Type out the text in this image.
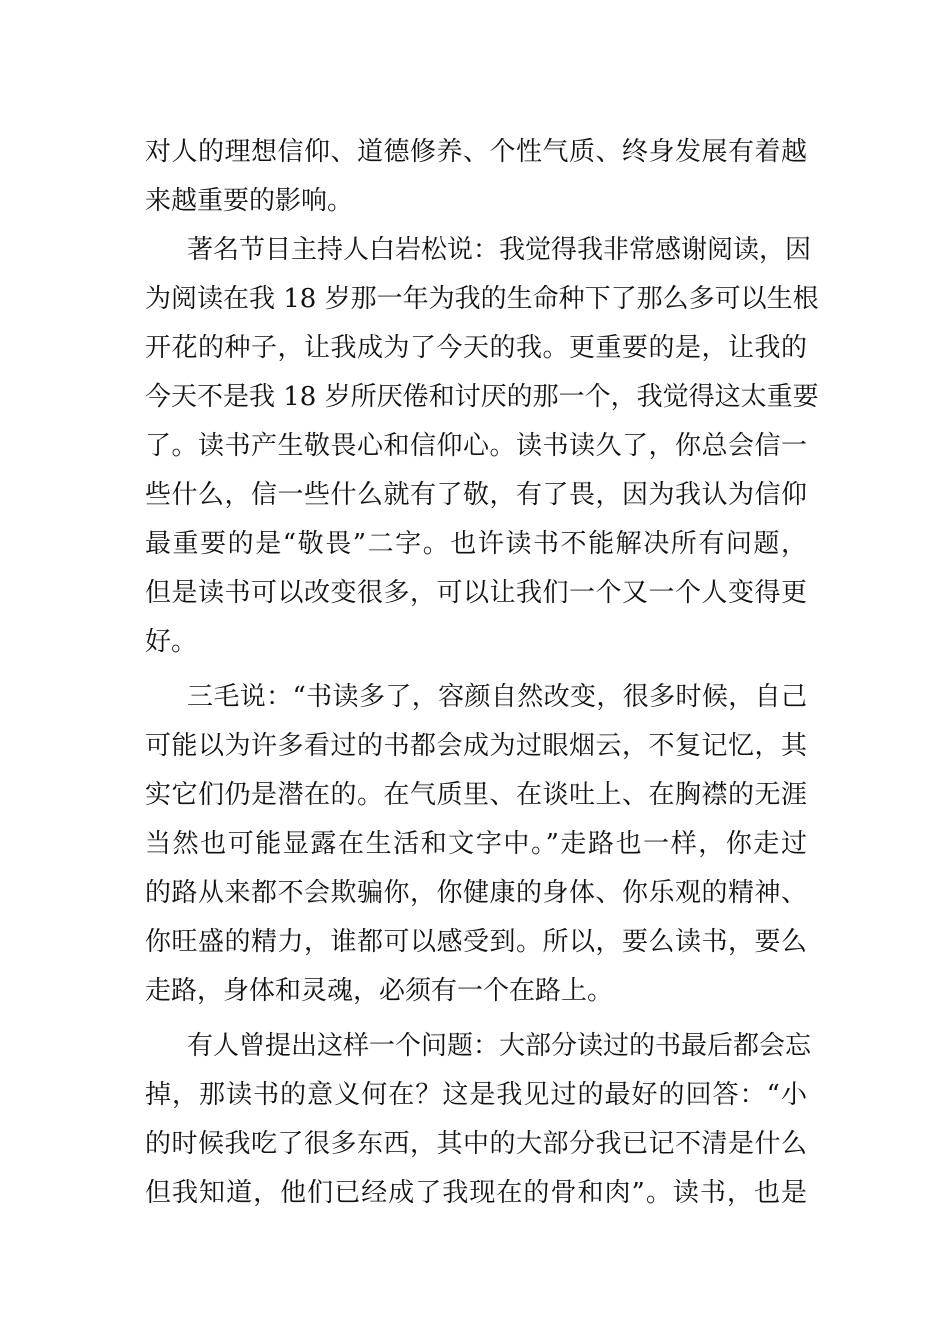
对人的理想信仰、道德修养、个性气质、终身发展有着越
来越重要的影响。
著名节目主持人白岩松说：我觉得我非常感谢阅读，因
为阅读在我 18 岁那一年为我的生命种下了那么多可以生根
开花的种子，让我成为了今天的我。更重要的是，让我的
今天不是我 18 岁所厌倦和讨厌的那一个，我觉得这太重要
了。读书产生敬畏心和信仰心。读书读久了，你总会信一
些什么，信一些什么就有了敬，有了畏，因为我认为信仰
最重要的是“敬畏”二字。也许读书不能解决所有问题，
但是读书可以改变很多，可以让我们一个又一个人变得更
好。
三毛说：“书读多了，容颜自然改变，很多时候，自己
可能以为许多看过的书都会成为过眼烟云，不复记忆，其
实它们仍是潜在的。在气质里、在谈吐上、在胸襟的无涯
当然也可能显露在生活和文字中。”走路也一样，你走过
的路从来都不会欺骗你，你健康的身体、你乐观的精神、
你旺盛的精力，谁都可以感受到。所以，要么读书，要么
走路，身体和灵魂，必须有一个在路上。
有人曾提出这样一个问题：大部分读过的书最后都会忘
掉，那读书的意义何在？这是我见过的最好的回答：“小
的时候我吃了很多东西，其中的大部分我已记不清是什么
但我知道，他们已经成了我现在的骨和肉”。读书，也是
